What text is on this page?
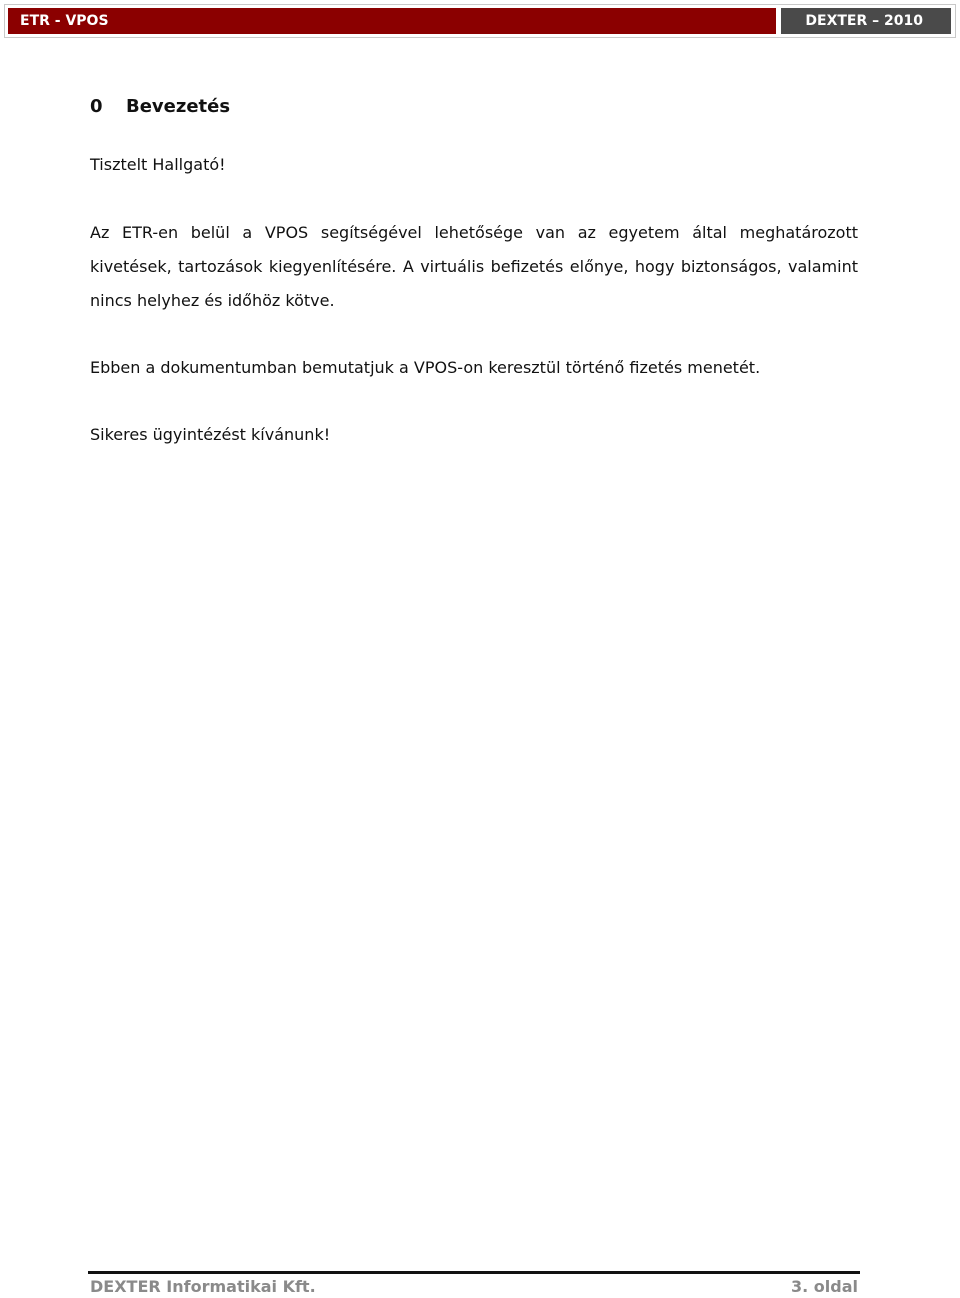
ETR - VPOS	DEXTER – 2010
0	Bevezetés

Tisztelt Hallgató!

Az ETR-en belül a VPOS segítségével lehetősége van az egyetem által meghatározott kivetések, tartozások kiegyenlítésére. A virtuális befizetés előnye, hogy biztonságos, valamint nincs helyhez és időhöz kötve.

Ebben a dokumentumban bemutatjuk a VPOS-on keresztül történő fizetés menetét.

Sikeres ügyintézést kívánunk!

DEXTER Informatikai Kft.	3. oldal
